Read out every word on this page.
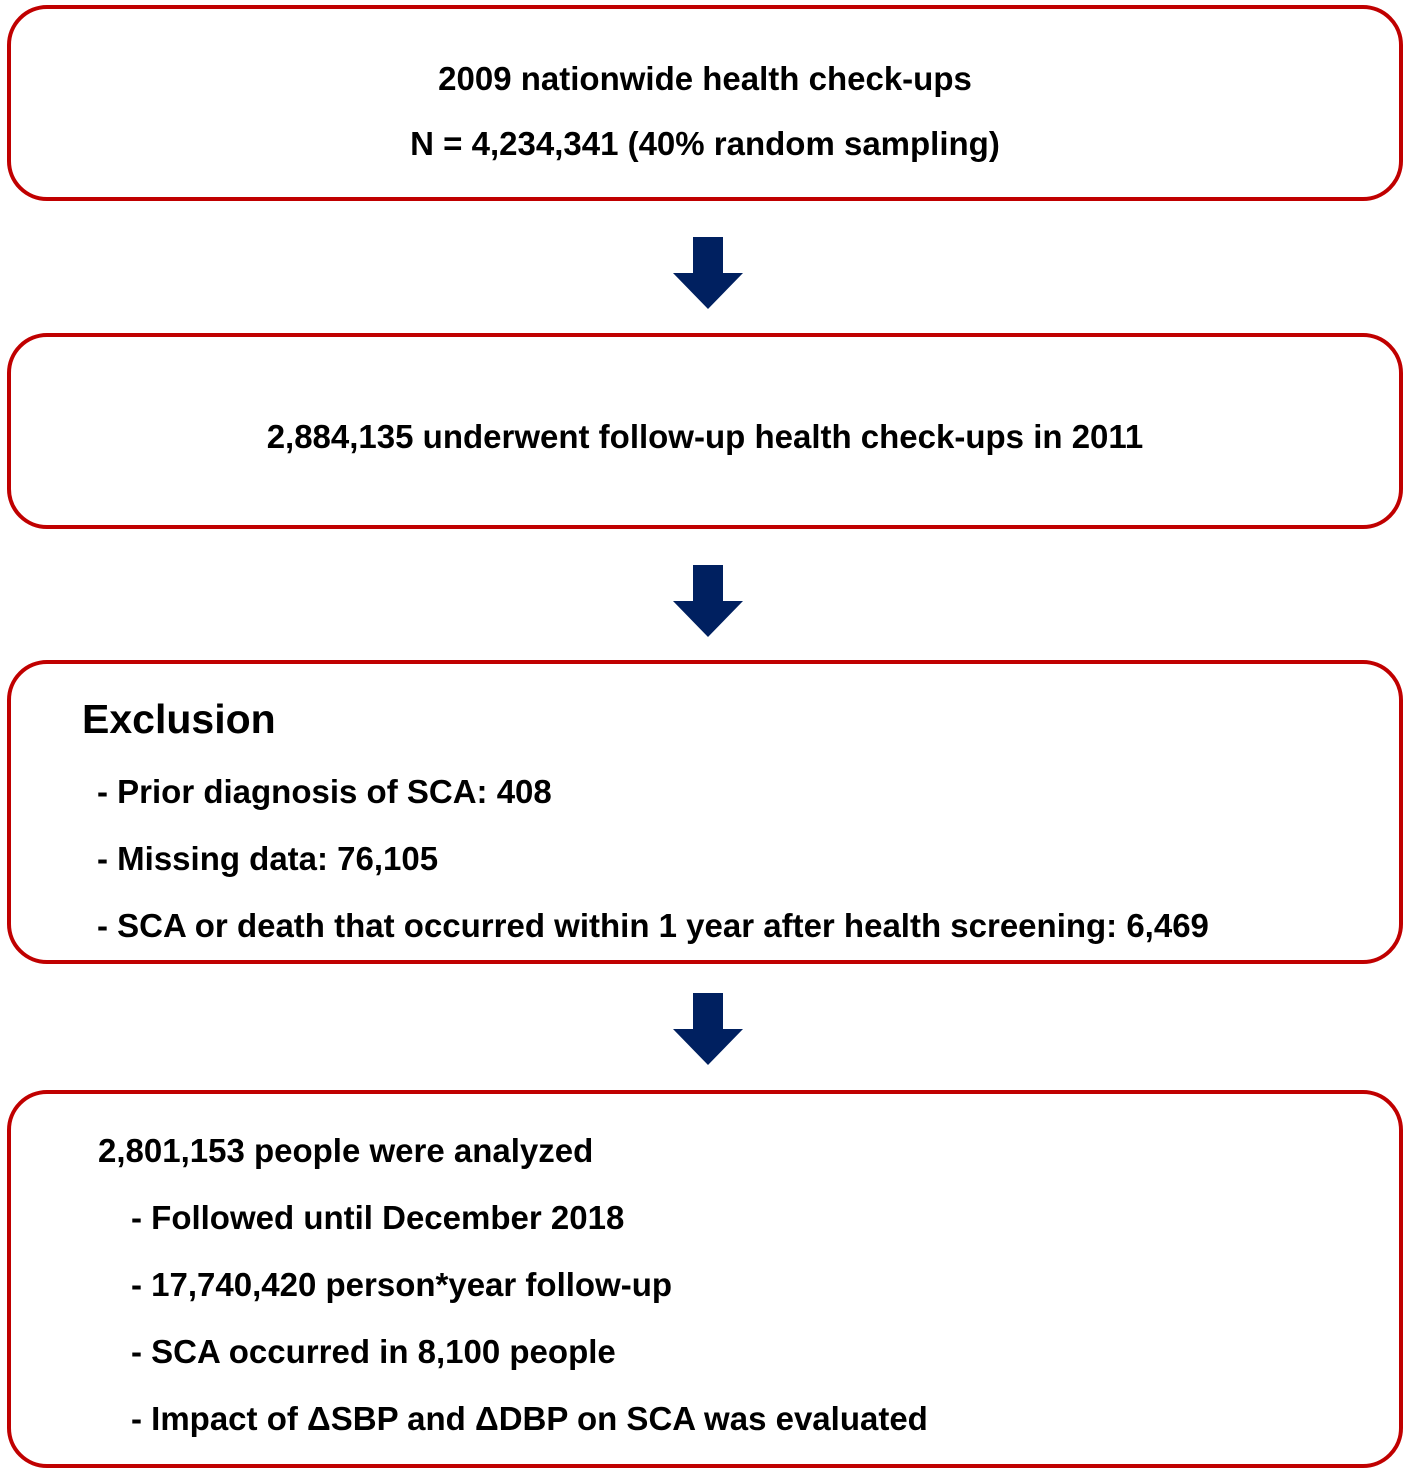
2009 nationwide health check-ups
N = 4,234,341 (40% random sampling)
2,884,135 underwent follow-up health check-ups in 2011
Exclusion
- Prior diagnosis of SCA: 408
- Missing data: 76,105
- SCA or death that occurred within 1 year after health screening: 6,469
2,801,153 people were analyzed
- Followed until December 2018
- 17,740,420 person*year follow-up
- SCA occurred in 8,100 people
- Impact of ΔSBP and ΔDBP on SCA was evaluated
